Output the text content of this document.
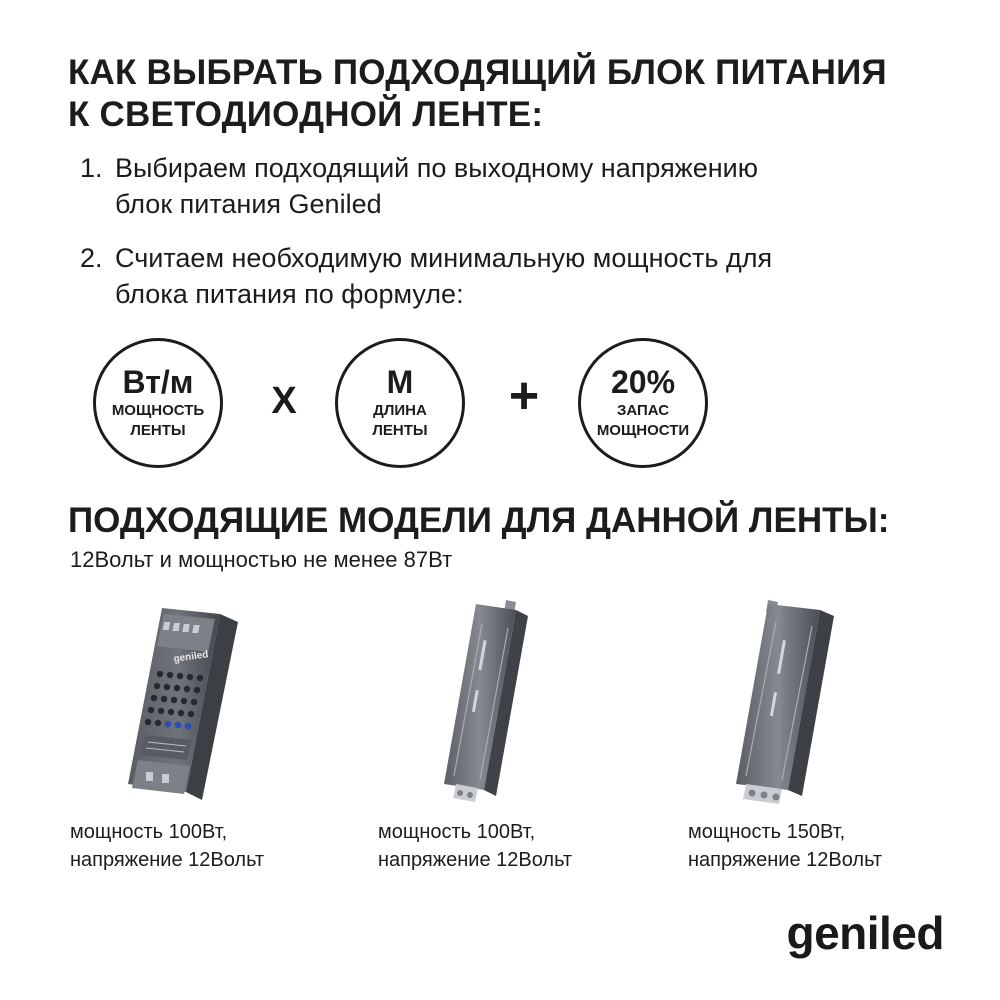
КАК ВЫБРАТЬ ПОДХОДЯЩИЙ БЛОК ПИТАНИЯ
К СВЕТОДИОДНОЙ ЛЕНТЕ:
1. Выбираем подходящий по выходному напряжению
блок питания Geniled
2. Считаем необходимую минимальную мощность для
блока питания по формуле:
Вт/м
МОЩНОСТЬ
ЛЕНТЫ
Х	М
ДЛИНА
ЛЕНТЫ
+	20%
ЗАПАС
МОЩНОСТИ
ПОДХОДЯЩИЕ МОДЕЛИ ДЛЯ ДАННОЙ ЛЕНТЫ:
12Вольт и мощностью не менее 87Вт
geniled
мощность 100Вт,
напряжение 12Вольт
мощность 100Вт,
напряжение 12Вольт
мощность 150Вт,
напряжение 12Вольт
geniled
